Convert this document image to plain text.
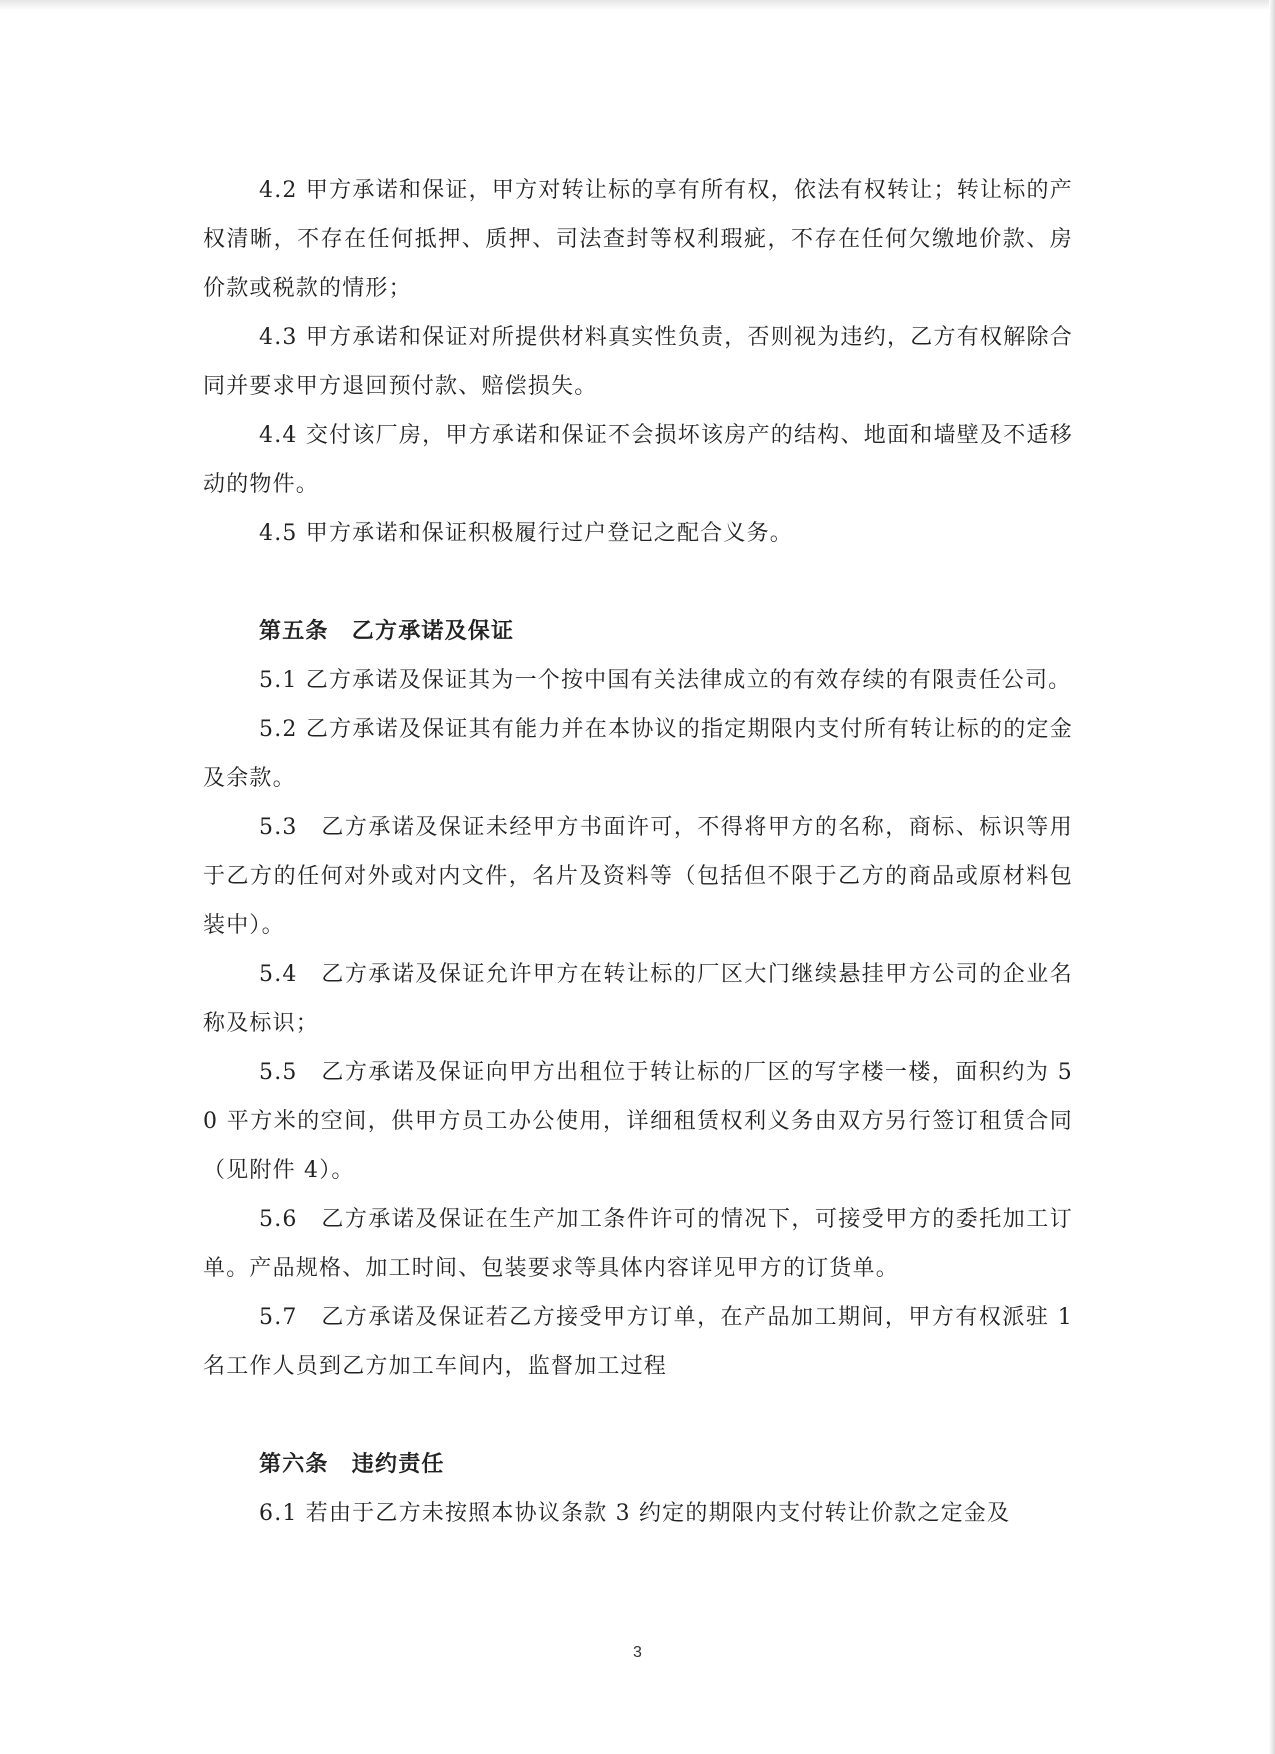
4.2 甲方承诺和保证，甲方对转让标的享有所有权，依法有权转让；转让标的产权清晰，不存在任何抵押、质押、司法查封等权利瑕疵，不存在任何欠缴地价款、房价款或税款的情形；

4.3 甲方承诺和保证对所提供材料真实性负责，否则视为违约，乙方有权解除合同并要求甲方退回预付款、赔偿损失。

4.4 交付该厂房，甲方承诺和保证不会损坏该房产的结构、地面和墙壁及不适移动的物件。

4.5 甲方承诺和保证积极履行过户登记之配合义务。

第五条　乙方承诺及保证

5.1 乙方承诺及保证其为一个按中国有关法律成立的有效存续的有限责任公司。

5.2 乙方承诺及保证其有能力并在本协议的指定期限内支付所有转让标的的定金及余款。

5.3　乙方承诺及保证未经甲方书面许可，不得将甲方的名称，商标、标识等用于乙方的任何对外或对内文件，名片及资料等（包括但不限于乙方的商品或原材料包装中）。

5.4　乙方承诺及保证允许甲方在转让标的厂区大门继续悬挂甲方公司的企业名称及标识；

5.5　乙方承诺及保证向甲方出租位于转让标的厂区的写字楼一楼，面积约为 50 平方米的空间，供甲方员工办公使用，详细租赁权利义务由双方另行签订租赁合同（见附件 4）。

5.6　乙方承诺及保证在生产加工条件许可的情况下，可接受甲方的委托加工订单。产品规格、加工时间、包装要求等具体内容详见甲方的订货单。

5.7　乙方承诺及保证若乙方接受甲方订单，在产品加工期间，甲方有权派驻 1 名工作人员到乙方加工车间内，监督加工过程

第六条　违约责任

6.1 若由于乙方未按照本协议条款 3 约定的期限内支付转让价款之定金及

3
